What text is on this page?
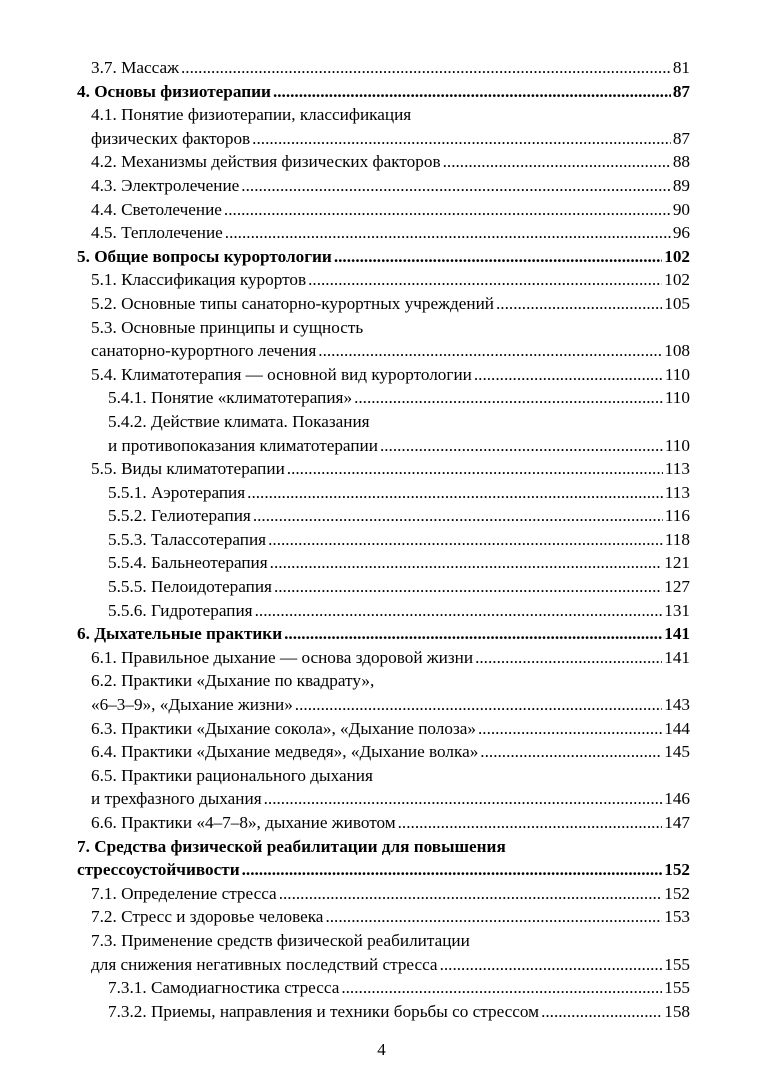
3.7. Массаж .....	81
4. Основы физиотерапии .....	87
4.1. Понятие физиотерапии, классификация
физических факторов .....	87
4.2. Механизмы действия физических факторов .....	88
4.3. Электролечение .....	89
4.4. Светолечение .....	90
4.5. Теплолечение .....	96
5. Общие вопросы курортологии .....	102
5.1. Классификация курортов .....	102
5.2. Основные типы санаторно-курортных учреждений .....	105
5.3. Основные принципы и сущность
санаторно-курортного лечения .....	108
5.4. Климатотерапия — основной вид курортологии .....	110
5.4.1. Понятие «климатотерапия» .....	110
5.4.2. Действие климата. Показания
и противопоказания климатотерапии .....	110
5.5. Виды климатотерапии .....	113
5.5.1. Аэротерапия .....	113
5.5.2. Гелиотерапия .....	116
5.5.3. Талассотерапия .....	118
5.5.4. Бальнеотерапия .....	121
5.5.5. Пелоидотерапия .....	127
5.5.6. Гидротерапия .....	131
6. Дыхательные практики .....	141
6.1. Правильное дыхание — основа здоровой жизни .....	141
6.2. Практики «Дыхание по квадрату»,
«6–3–9», «Дыхание жизни» .....	143
6.3. Практики «Дыхание сокола», «Дыхание полоза» .....	144
6.4. Практики «Дыхание медведя», «Дыхание волка» .....	145
6.5. Практики рационального дыхания
и трехфазного дыхания .....	146
6.6. Практики «4–7–8», дыхание животом .....	147
7. Средства физической реабилитации для повышения
стрессоустойчивости .....	152
7.1. Определение стресса .....	152
7.2. Стресс и здоровье человека .....	153
7.3. Применение средств физической реабилитации
для снижения негативных последствий стресса .....	155
7.3.1. Самодиагностика стресса .....	155
7.3.2. Приемы, направления и техники борьбы со стрессом .....	158
4
